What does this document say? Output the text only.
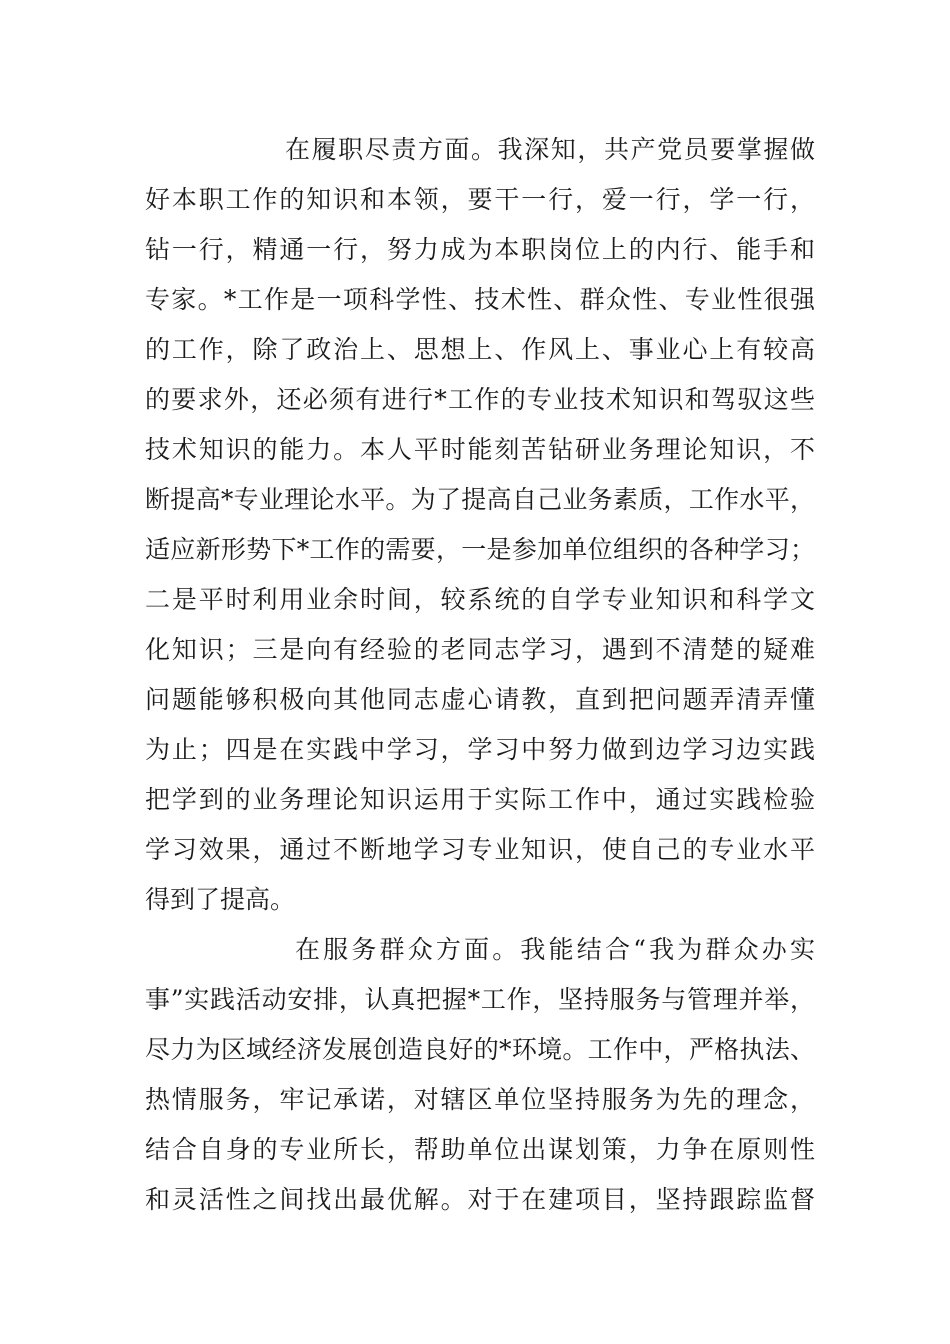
在履职尽责方面。我深知，共产党员要掌握做
好本职工作的知识和本领，要干一行，爱一行，学一行，
钻一行，精通一行，努力成为本职岗位上的内行、能手和
专家。*工作是一项科学性、技术性、群众性、专业性很强
的工作，除了政治上、思想上、作风上、事业心上有较高
的要求外，还必须有进行*工作的专业技术知识和驾驭这些
技术知识的能力。本人平时能刻苦钻研业务理论知识，不
断提高*专业理论水平。为了提高自己业务素质，工作水平，
适应新形势下*工作的需要，一是参加单位组织的各种学习；
二是平时利用业余时间，较系统的自学专业知识和科学文
化知识；三是向有经验的老同志学习，遇到不清楚的疑难
问题能够积极向其他同志虚心请教，直到把问题弄清弄懂
为止；四是在实践中学习，学习中努力做到边学习边实践
把学到的业务理论知识运用于实际工作中，通过实践检验
学习效果，通过不断地学习专业知识，使自己的专业水平
得到了提高。
在服务群众方面。我能结合“我为群众办实
事”实践活动安排，认真把握*工作，坚持服务与管理并举，
尽力为区域经济发展创造良好的*环境。工作中，严格执法、
热情服务，牢记承诺，对辖区单位坚持服务为先的理念，
结合自身的专业所长，帮助单位出谋划策，力争在原则性
和灵活性之间找出最优解。对于在建项目，坚持跟踪监督
